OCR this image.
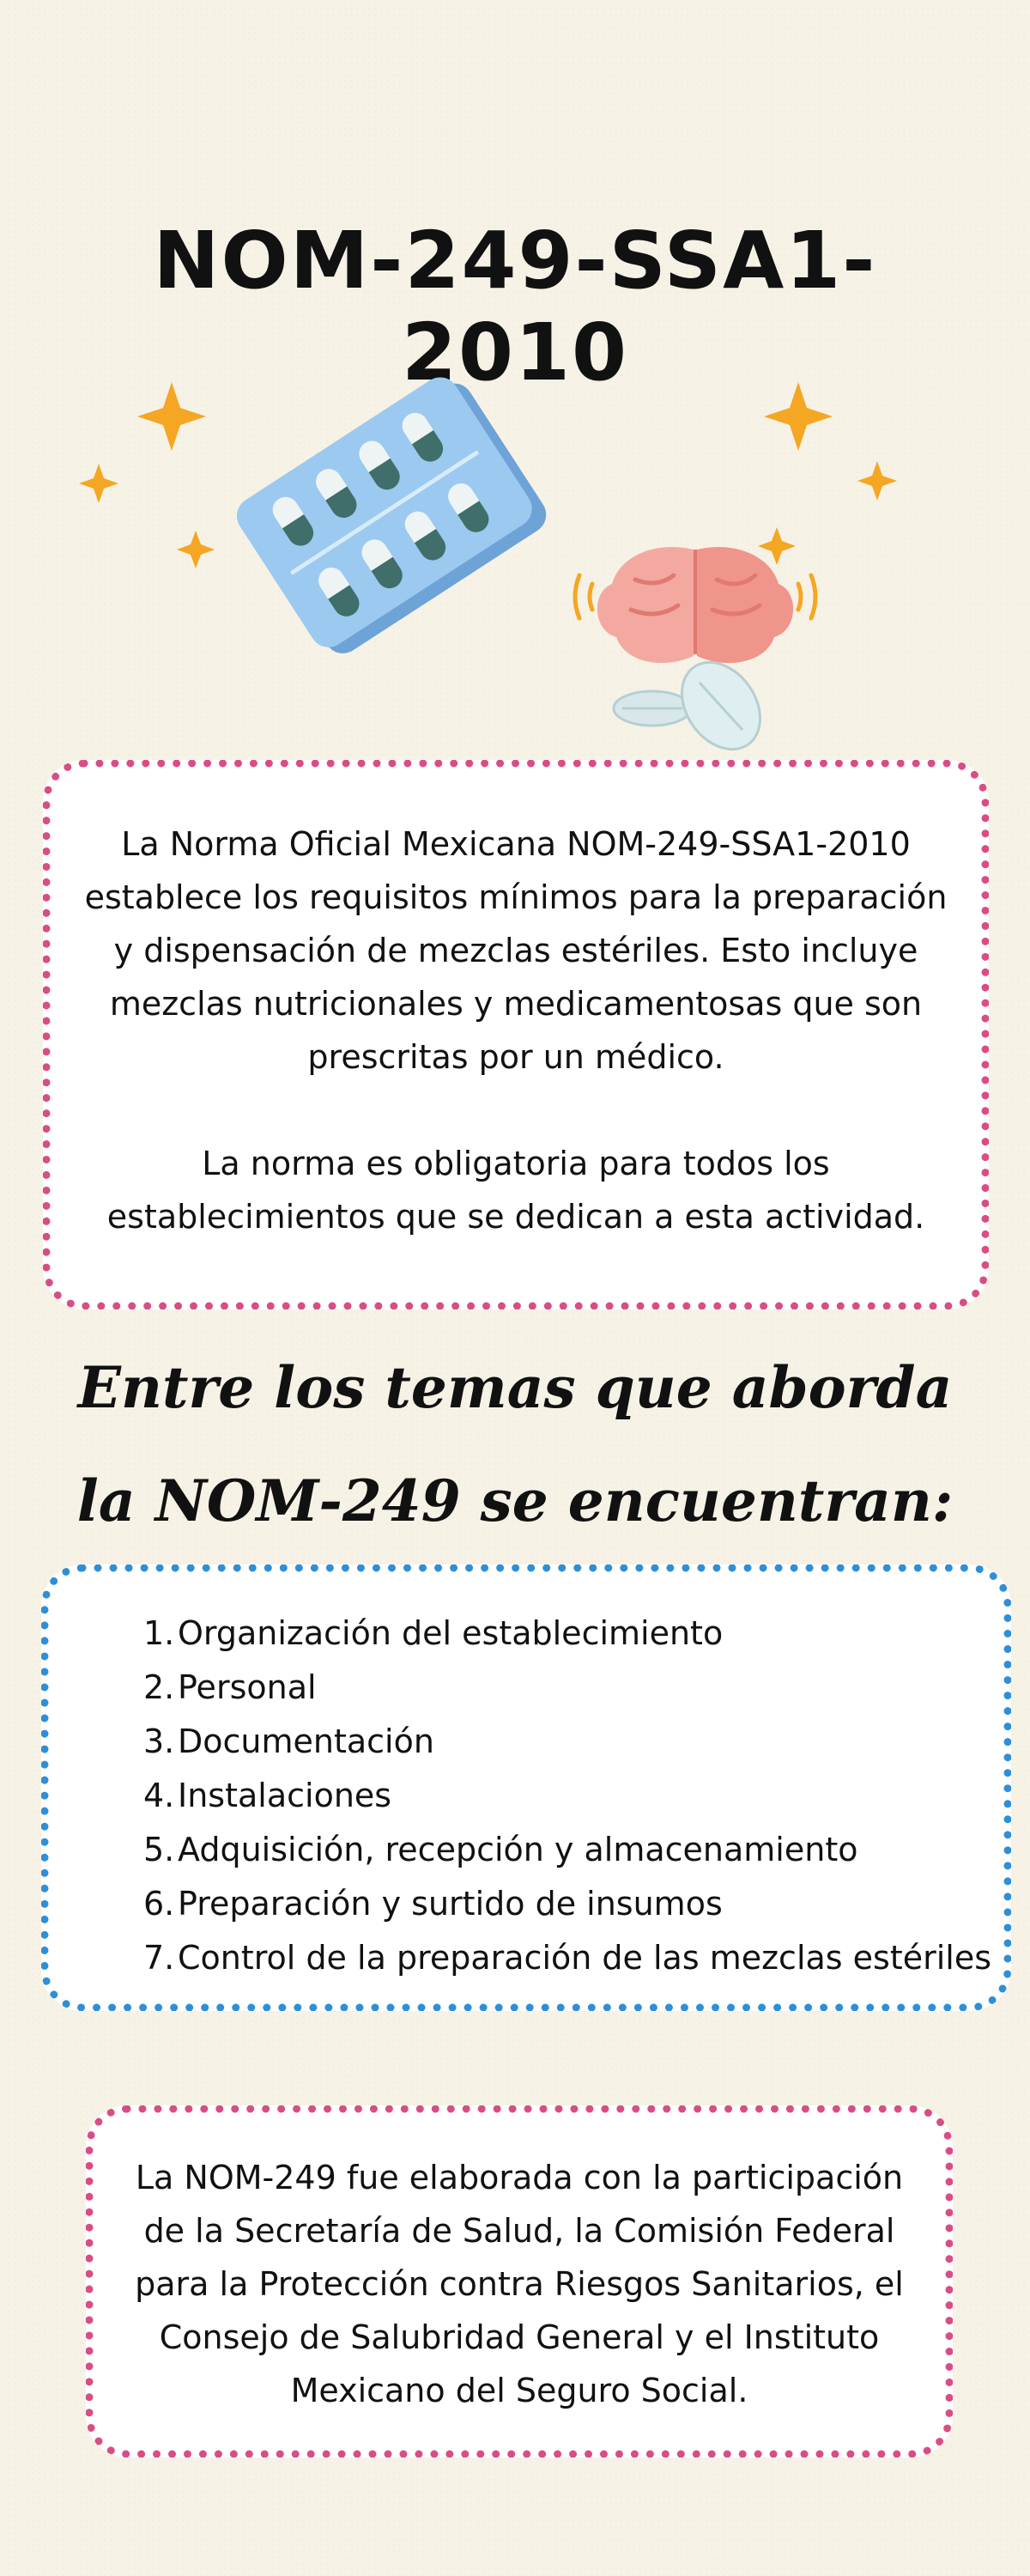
NOM-249-SSA1-2010

La Norma Oficial Mexicana NOM-249-SSA1-2010 establece los requisitos mínimos para la preparación y dispensación de mezclas estériles. Esto incluye mezclas nutricionales y medicamentosas que son prescritas por un médico.

La norma es obligatoria para todos los establecimientos que se dedican a esta actividad.

Entre los temas que aborda la NOM-249 se encuentran:
1.Organización del establecimiento
2.Personal
3.Documentación
4.Instalaciones
5.Adquisición, recepción y almacenamiento
6.Preparación y surtido de insumos
7.Control de la preparación de las mezclas estériles

La NOM-249 fue elaborada con la participación de la Secretaría de Salud, la Comisión Federal para la Protección contra Riesgos Sanitarios, el Consejo de Salubridad General y el Instituto Mexicano del Seguro Social.
